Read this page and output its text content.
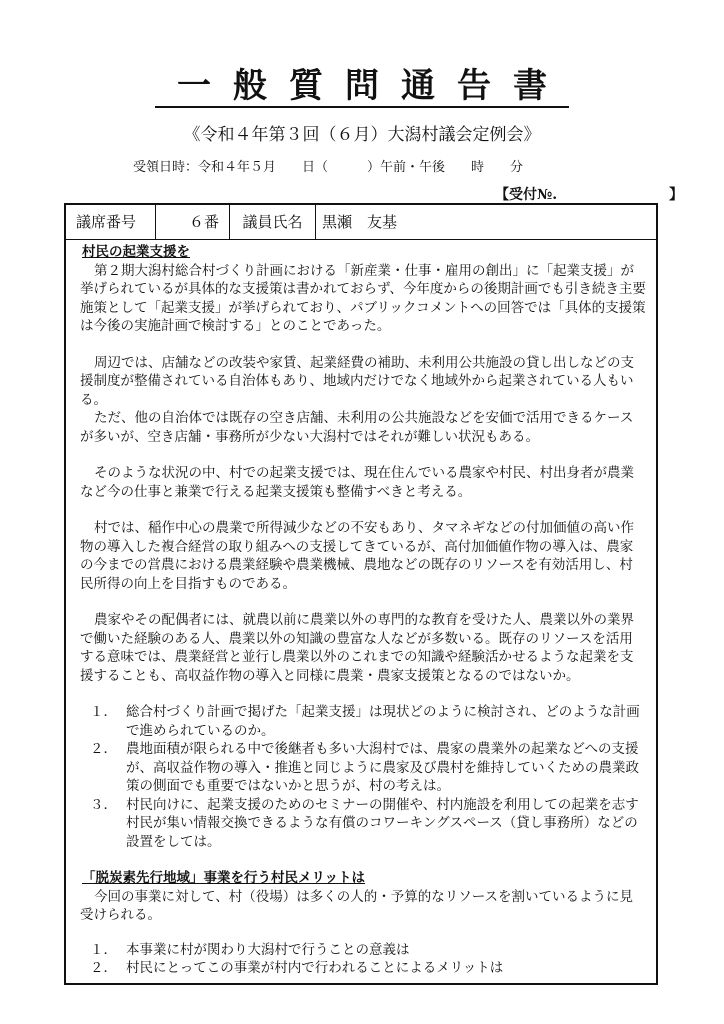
一般質問通告書
《令和４年第３回（６月）大潟村議会定例会》
受領日時：令和４年５月　　日（　　　）午前・午後　　時　　分
【受付№.　　　　　　　　】
議席番号	６番	議員氏名	黒瀬　友基
村民の起業支援を

第２期大潟村総合村づくり計画における「新産業・仕事・雇用の創出」に「起業支援」が挙げられているが具体的な支援策は書かれておらず、今年度からの後期計画でも引き続き主要施策として「起業支援」が挙げられており、パブリックコメントへの回答では「具体的支援策は今後の実施計画で検討する」とのことであった。

周辺では、店舗などの改装や家賃、起業経費の補助、未利用公共施設の貸し出しなどの支援制度が整備されている自治体もあり、地域内だけでなく地域外から起業されている人もいる。

ただ、他の自治体では既存の空き店舗、未利用の公共施設などを安価で活用できるケースが多いが、空き店舗・事務所が少ない大潟村ではそれが難しい状況もある。

そのような状況の中、村での起業支援では、現在住んでいる農家や村民、村出身者が農業など今の仕事と兼業で行える起業支援策も整備すべきと考える。

村では、稲作中心の農業で所得減少などの不安もあり、タマネギなどの付加価値の高い作物の導入した複合経営の取り組みへの支援してきているが、高付加価値作物の導入は、農家の今までの営農における農業経験や農業機械、農地などの既存のリソースを有効活用し、村民所得の向上を目指すものである。

農家やその配偶者には、就農以前に農業以外の専門的な教育を受けた人、農業以外の業界で働いた経験のある人、農業以外の知識の豊富な人などが多数いる。既存のリソースを活用する意味では、農業経営と並行し農業以外のこれまでの知識や経験活かせるような起業を支援することも、高収益作物の導入と同様に農業・農家支援策となるのではないか。

１． 総合村づくり計画で掲げた「起業支援」は現状どのように検討され、どのような計画で進められているのか。
２． 農地面積が限られる中で後継者も多い大潟村では、農家の農業外の起業などへの支援が、高収益作物の導入・推進と同じように農家及び農村を維持していくための農業政策の側面でも重要ではないかと思うが、村の考えは。
３． 村民向けに、起業支援のためのセミナーの開催や、村内施設を利用しての起業を志す村民が集い情報交換できるような有償のコワーキングスペース（貸し事務所）などの設置をしては。
「脱炭素先行地域」事業を行う村民メリットは

今回の事業に対して、村（役場）は多くの人的・予算的なリソースを割いているように見受けられる。

１． 本事業に村が関わり大潟村で行うことの意義は
２． 村民にとってこの事業が村内で行われることによるメリットは
